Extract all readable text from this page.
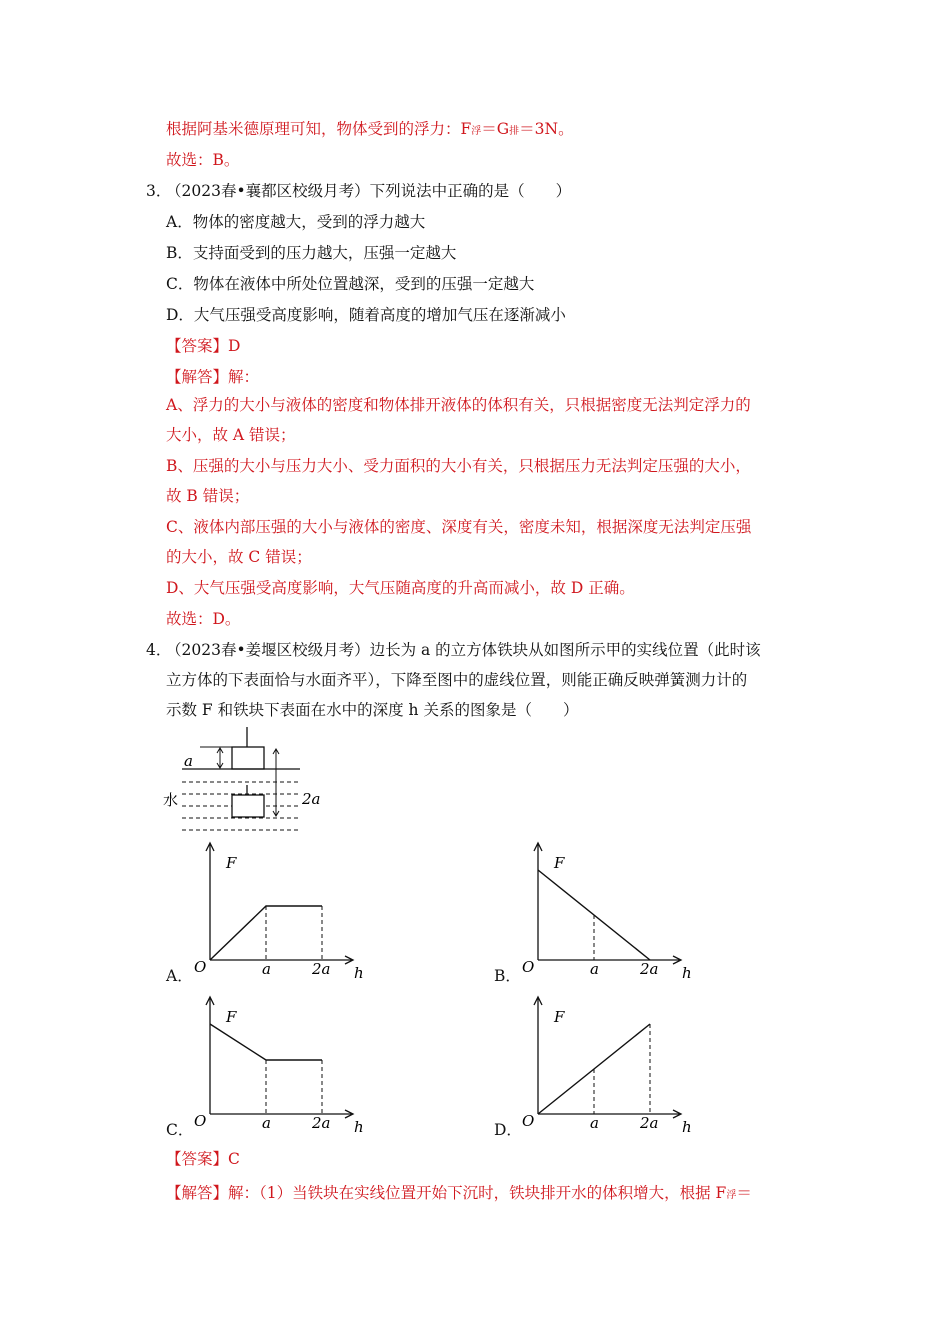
根据阿基米德原理可知，物体受到的浮力：F浮＝G排＝3N。
故选：B。
3．
（2023春•襄都区校级月考）下列说法中正确的是（　　）
A．物体的密度越大，受到的浮力越大
B．支持面受到的压力越大，压强一定越大
C．物体在液体中所处位置越深，受到的压强一定越大
D．大气压强受高度影响，随着高度的增加气压在逐渐减小
【答案】D
【解答】解：
A、浮力的大小与液体的密度和物体排开液体的体积有关，只根据密度无法判定浮力的
大小，故 A 错误；
B、压强的大小与压力大小、受力面积的大小有关，只根据压力无法判定压强的大小，
故 B 错误；
C、液体内部压强的大小与液体的密度、深度有关，密度未知，根据深度无法判定压强
的大小，故 C 错误；
D、大气压强受高度影响，大气压随高度的升高而减小，故 D 正确。
故选：D。
4．
（2023春•姜堰区校级月考）边长为 a 的立方体铁块从如图所示甲的实线位置（此时该
立方体的下表面恰与水面齐平），下降至图中的虚线位置，则能正确反映弹簧测力计的
示数 F 和铁块下表面在水中的深度 h 关系的图象是（　　）
a
2a
水
A．
F
h
O	a	2a	B．
F
h
O	a	2a
C．
F
h
O	a	2a	D．
F
h
O	a	2a
【答案】C
【解答】解：（1）当铁块在实线位置开始下沉时，铁块排开水的体积增大，根据 F浮＝
